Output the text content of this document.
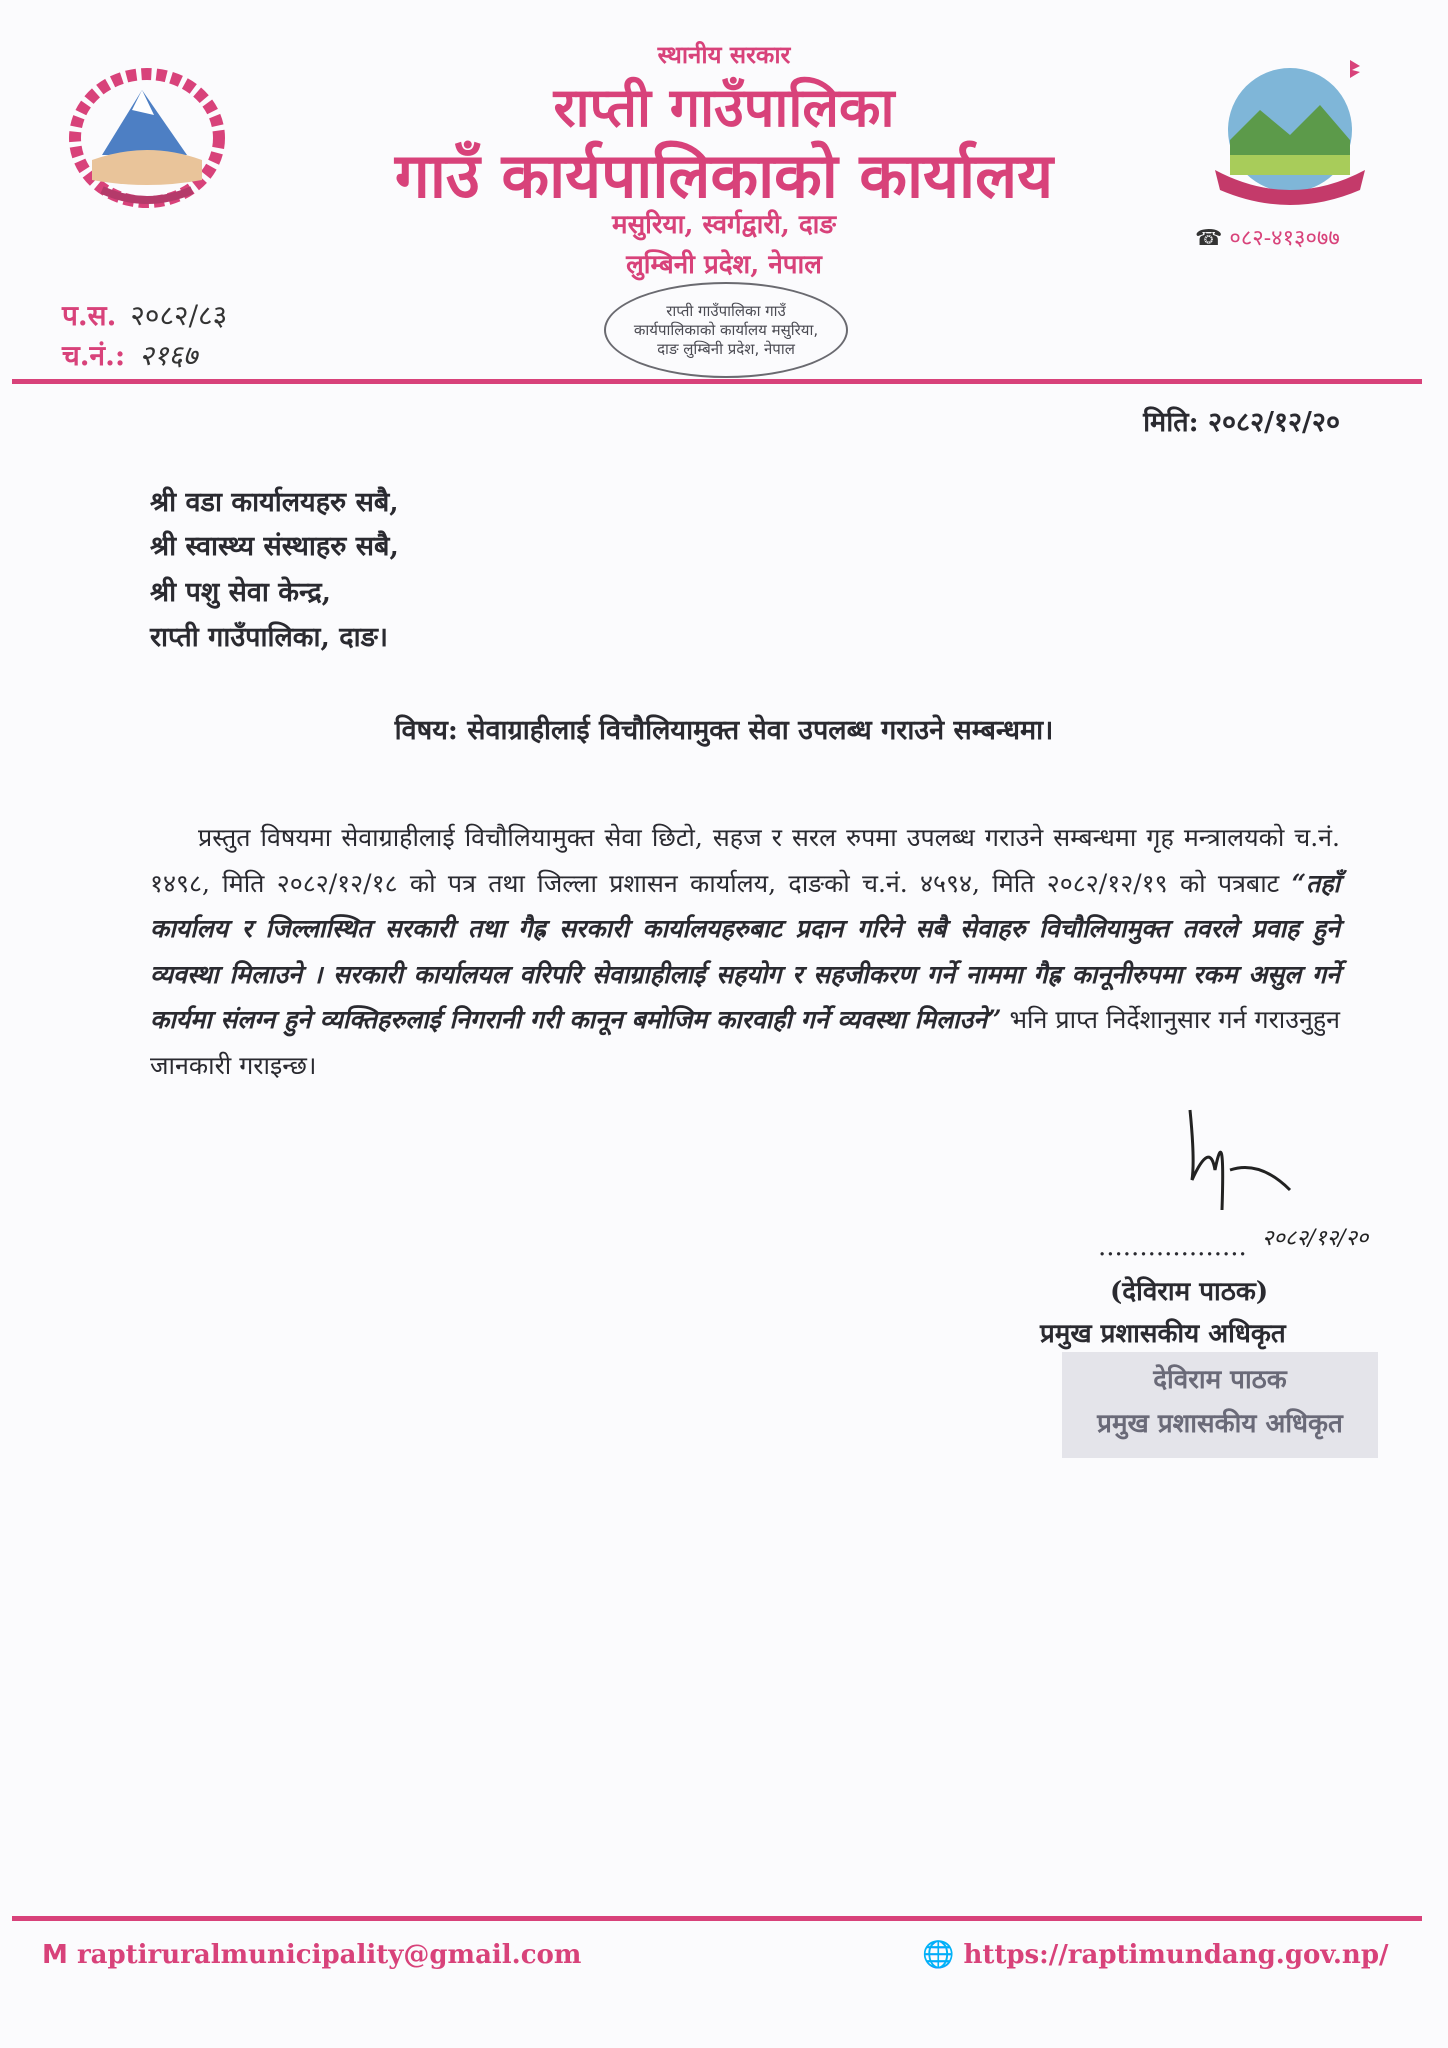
स्थानीय सरकार
राप्ती गाउँपालिका
गाउँ कार्यपालिकाको कार्यालय
मसुरिया, स्वर्गद्वारी, दाङ
लुम्बिनी प्रदेश, नेपाल
राप्ती गाउँपालिका गाउँ कार्यपालिकाको कार्यालय मसुरिया, दाङ लुम्बिनी प्रदेश, नेपाल
☎ ०८२-४१३०७७
प.स. २०८२/८३
च.नं.: २१६७
मिति: २०८२/१२/२०
श्री वडा कार्यालयहरु सबै,
श्री स्वास्थ्य संस्थाहरु सबै,
श्री पशु सेवा केन्द्र,
राप्ती गाउँपालिका, दाङ।
विषय: सेवाग्राहीलाई विचौलियामुक्त सेवा उपलब्ध गराउने सम्बन्धमा।

प्रस्तुत विषयमा सेवाग्राहीलाई विचौलियामुक्त सेवा छिटो, सहज र सरल रुपमा उपलब्ध गराउने सम्बन्धमा गृह मन्त्रालयको च.नं. १४९८, मिति २०८२/१२/१८ को पत्र तथा जिल्ला प्रशासन कार्यालय, दाङको च.नं. ४५९४, मिति २०८२/१२/१९ को पत्रबाट “तहाँ कार्यालय र जिल्लास्थित सरकारी तथा गैह्र सरकारी कार्यालयहरुबाट प्रदान गरिने सबै सेवाहरु विचौलियामुक्त तवरले प्रवाह हुने व्यवस्था मिलाउने । सरकारी कार्यालयल वरिपरि सेवाग्राहीलाई सहयोग र सहजीकरण गर्ने नाममा गैह्र कानूनीरुपमा रकम असुल गर्ने कार्यमा संलग्न हुने व्यक्तिहरुलाई निगरानी गरी कानून बमोजिम कारवाही गर्ने व्यवस्था मिलाउने” भनि प्राप्त निर्देशानुसार गर्न गराउनुहुन जानकारी गराइन्छ।

.................. २०८२/१२/२०
(देविराम पाठक)
प्रमुख प्रशासकीय अधिकृत
देविराम पाठक
प्रमुख प्रशासकीय अधिकृत
M raptiruralmunicipality@gmail.com	🌐 https://raptimundang.gov.np/
